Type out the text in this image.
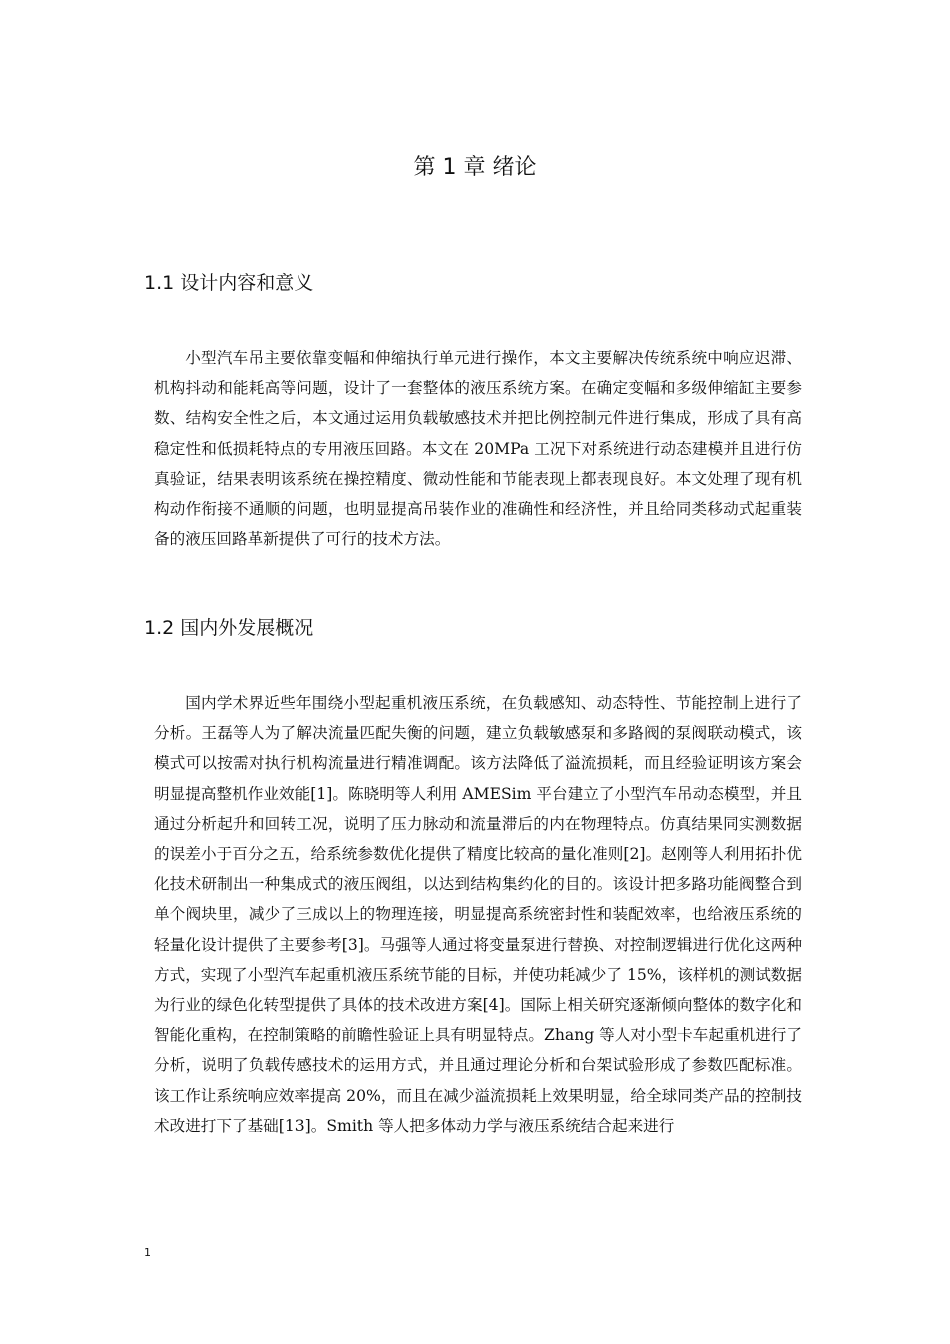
第 1 章 绪论
1.1 设计内容和意义

小型汽车吊主要依靠变幅和伸缩执行单元进行操作，本文主要解决传统系统中响应迟滞、机构抖动和能耗高等问题，设计了一套整体的液压系统方案。在确定变幅和多级伸缩缸主要参数、结构安全性之后，本文通过运用负载敏感技术并把比例控制元件进行集成，形成了具有高稳定性和低损耗特点的专用液压回路。本文在 20MPa 工况下对系统进行动态建模并且进行仿真验证，结果表明该系统在操控精度、微动性能和节能表现上都表现良好。本文处理了现有机构动作衔接不通顺的问题，也明显提高吊装作业的准确性和经济性，并且给同类移动式起重装备的液压回路革新提供了可行的技术方法。

1.2 国内外发展概况

国内学术界近些年围绕小型起重机液压系统，在负载感知、动态特性、节能控制上进行了分析。王磊等人为了解决流量匹配失衡的问题，建立负载敏感泵和多路阀的泵阀联动模式，该模式可以按需对执行机构流量进行精准调配。该方法降低了溢流损耗，而且经验证明该方案会明显提高整机作业效能[1]。陈晓明等人利用 AMESim 平台建立了小型汽车吊动态模型，并且通过分析起升和回转工况，说明了压力脉动和流量滞后的内在物理特点。仿真结果同实测数据的误差小于百分之五，给系统参数优化提供了精度比较高的量化准则[2]。赵刚等人利用拓扑优化技术研制出一种集成式的液压阀组，以达到结构集约化的目的。该设计把多路功能阀整合到单个阀块里，减少了三成以上的物理连接，明显提高系统密封性和装配效率，也给液压系统的轻量化设计提供了主要参考[3]。马强等人通过将变量泵进行替换、对控制逻辑进行优化这两种方式，实现了小型汽车起重机液压系统节能的目标，并使功耗减少了 15%，该样机的测试数据为行业的绿色化转型提供了具体的技术改进方案[4]。国际上相关研究逐渐倾向整体的数字化和智能化重构，在控制策略的前瞻性验证上具有明显特点。Zhang 等人对小型卡车起重机进行了分析，说明了负载传感技术的运用方式，并且通过理论分析和台架试验形成了参数匹配标准。该工作让系统响应效率提高 20%，而且在减少溢流损耗上效果明显，给全球同类产品的控制技术改进打下了基础[13]。Smith 等人把多体动力学与液压系统结合起来进行

1
